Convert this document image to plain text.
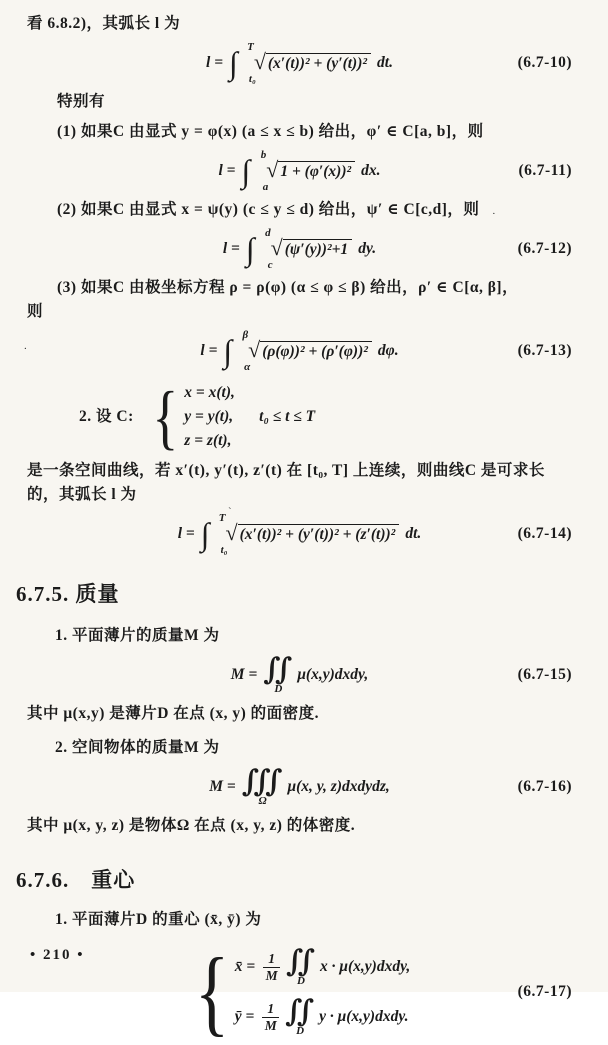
看 6.8.2)，其弧长 l 为
l = ∫ T
t₀
√ (x′(t))² + (y′(t))² dt.	(6.7-10)
特别有
(1) 如果C 由显式 y = φ(x) (a ≤ x ≤ b) 给出，φ′ ∈ C[a, b]，则
l = ∫ b
a
√ 1 + (φ′(x))² dx.	(6.7-11)
(2) 如果C 由显式 x = ψ(y) (c ≤ y ≤ d) 给出，ψ′ ∈ C[c,d]，则
l = ∫ d
c
√ (ψ′(y))²+1 dy.	(6.7-12)
(3) 如果C 由极坐标方程 ρ = ρ(φ) (α ≤ φ ≤ β) 给出，ρ′ ∈ C[α, β]，
则
l = ∫ β
α
√ (ρ(φ))² + (ρ′(φ))² dφ.	(6.7-13)
2. 设 C: { x = x(t),
y = y(t), t₀ ≤ t ≤ T
z = z(t),
是一条空间曲线，若 x′(t), y′(t), z′(t) 在 [t₀, T] 上连续，则曲线C 是可求长
的，其弧长 l 为
l = ∫ T
t₀
√ (x′(t))² + (y′(t))² + (z′(t))² dt.	(6.7-14)
6.7.5. 质量
1. 平面薄片的质量M 为
M = ∬
D
μ(x,y)dxdy,	(6.7-15)
其中 μ(x,y) 是薄片D 在点 (x, y) 的面密度.
2. 空间物体的质量M 为
M = ∭
Ω
μ(x, y, z)dxdydz,	(6.7-16)
其中 μ(x, y, z) 是物体Ω 在点 (x, y, z) 的体密度.
6.7.6.　重心
1. 平面薄片D 的重心 (x̄, ȳ) 为
{ x̄ = $\frac{1}{M}$ ∬
D
x · μ(x,y)dxdy,
ȳ = $\frac{1}{M}$ ∬
D
y · μ(x,y)dxdy.
(6.7-17)
• 210 •
·
ˋ
.
